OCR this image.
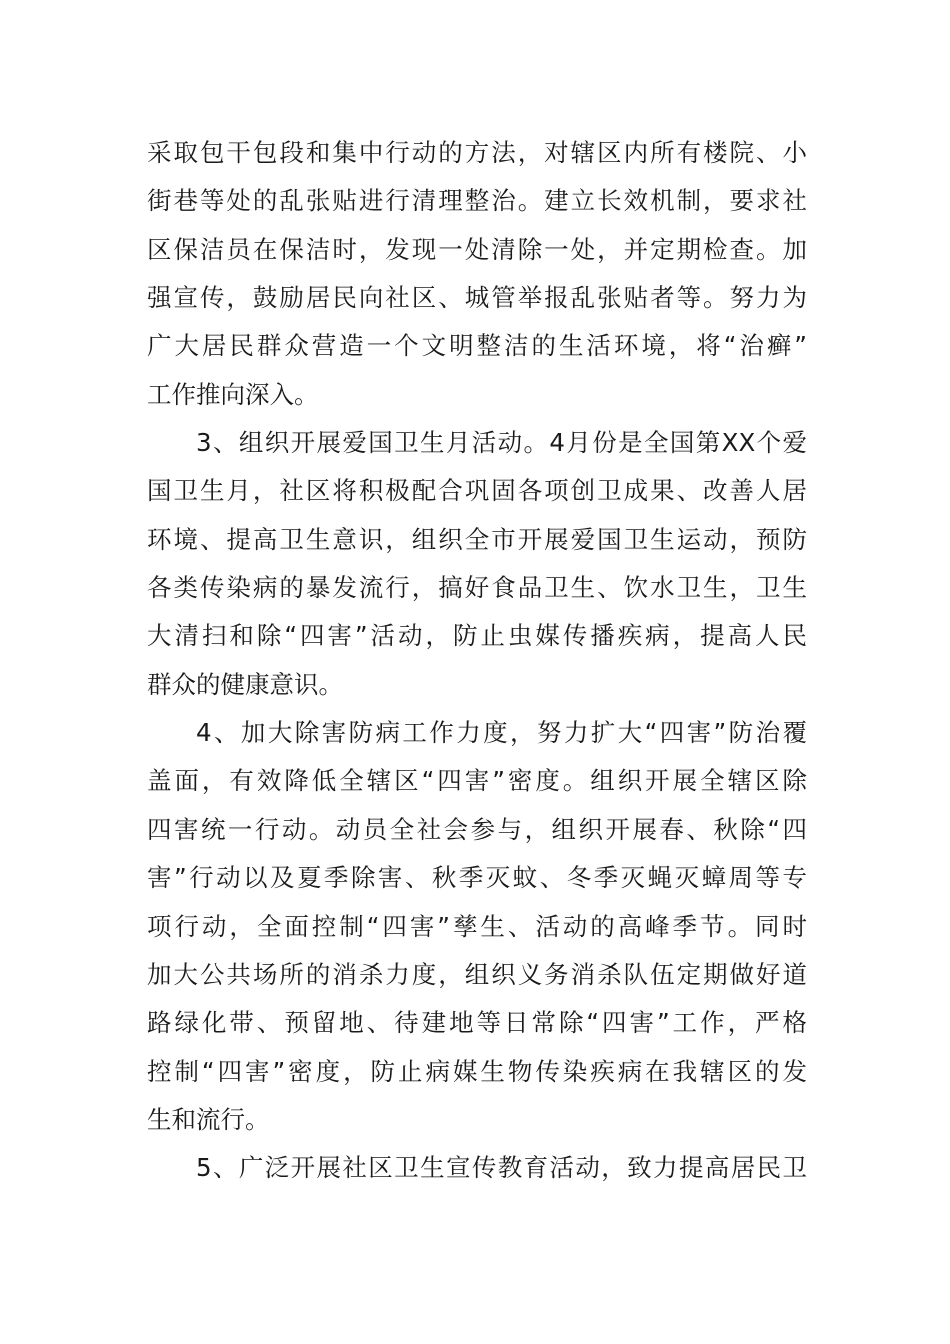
采取包干包段和集中行动的方法，对辖区内所有楼院、小
街巷等处的乱张贴进行清理整治。建立长效机制，要求社
区保洁员在保洁时，发现一处清除一处，并定期检查。加
强宣传，鼓励居民向社区、城管举报乱张贴者等。努力为
广大居民群众营造一个文明整洁的生活环境，将“治癣”
工作推向深入。
3、组织开展爱国卫生月活动。4月份是全国第XX个爱
国卫生月，社区将积极配合巩固各项创卫成果、改善人居
环境、提高卫生意识，组织全市开展爱国卫生运动，预防
各类传染病的暴发流行，搞好食品卫生、饮水卫生，卫生
大清扫和除“四害”活动，防止虫媒传播疾病，提高人民
群众的健康意识。
4、加大除害防病工作力度，努力扩大“四害”防治覆
盖面，有效降低全辖区“四害”密度。组织开展全辖区除
四害统一行动。动员全社会参与，组织开展春、秋除“四
害”行动以及夏季除害、秋季灭蚊、冬季灭蝇灭蟑周等专
项行动，全面控制“四害”孳生、活动的高峰季节。同时
加大公共场所的消杀力度，组织义务消杀队伍定期做好道
路绿化带、预留地、待建地等日常除“四害”工作，严格
控制“四害”密度，防止病媒生物传染疾病在我辖区的发
生和流行。
5、广泛开展社区卫生宣传教育活动，致力提高居民卫
